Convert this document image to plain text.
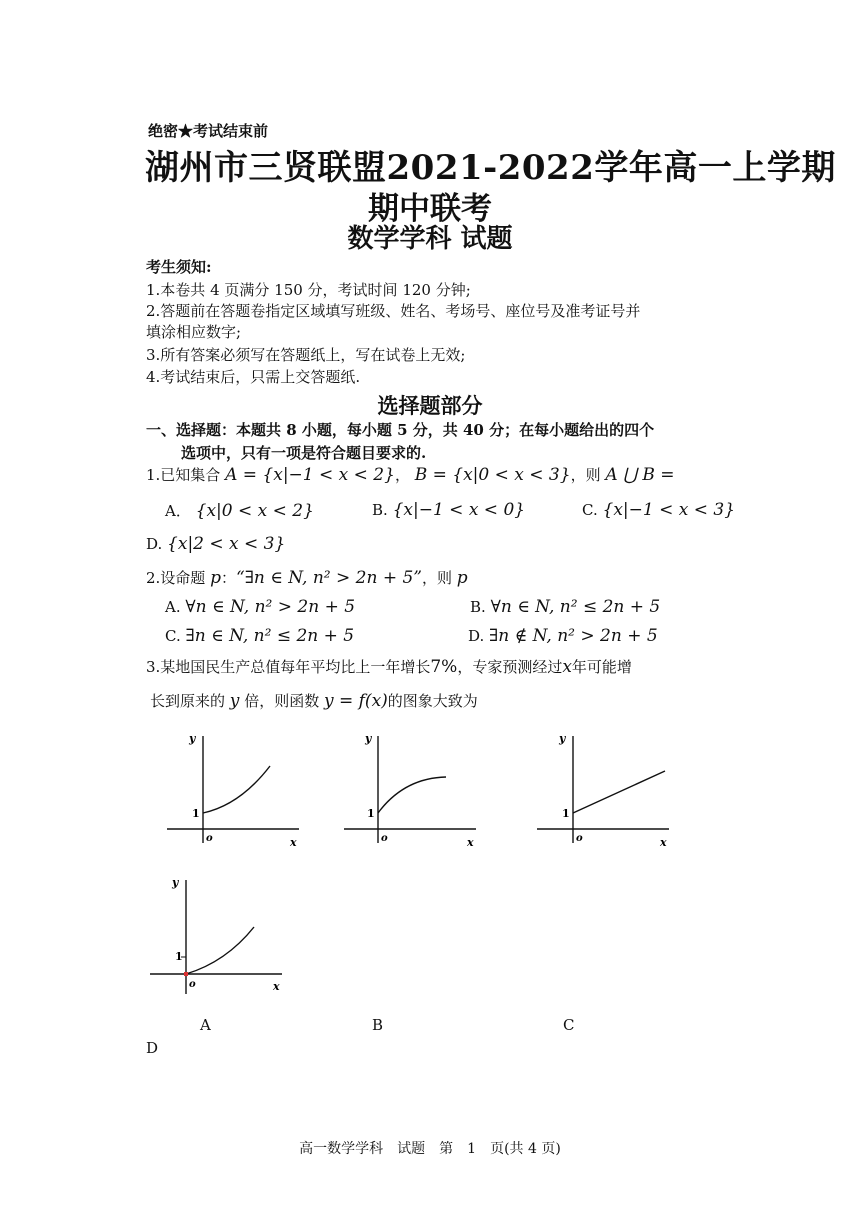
绝密★考试结束前
湖州市三贤联盟2021-2022学年高一上学期
期中联考
数学学科 试题
考生须知:
1.本卷共 4 页满分 150 分，考试时间 120 分钟;
2.答题前在答题卷指定区域填写班级、姓名、考场号、座位号及准考证号并
填涂相应数字;
3.所有答案必须写在答题纸上，写在试卷上无效;
4.考试结束后，只需上交答题纸.
选择题部分
一、选择题：本题共 8 小题，每小题 5 分，共 40 分；在每小题给出的四个
选项中，只有一项是符合题目要求的.
1.已知集合 A = {x|−1 < x < 2}， B = {x|0 < x < 3}，则 A ⋃ B =
A． {x|0 < x < 2}	B. {x|−1 < x < 0}	C. {x|−1 < x < 3}
D. {x|2 < x < 3}
2.设命题 p：“∃n ∈ N, n² > 2n + 5”，则 p
A. ∀n ∈ N, n² > 2n + 5	B. ∀n ∈ N, n² ≤ 2n + 5
C. ∃n ∈ N, n² ≤ 2n + 5	D. ∃n ∉ N, n² > 2n + 5
3.某地国民生产总值每年平均比上一年增长7%，专家预测经过x年可能增
长到原来的 y 倍，则函数 y = f(x)的图象大致为
y
x
o
1
y
x
o
1
y
x
o
1
y
x
o
1
A	B	C
D
高一数学学科　试题　第　1　页(共 4 页)
